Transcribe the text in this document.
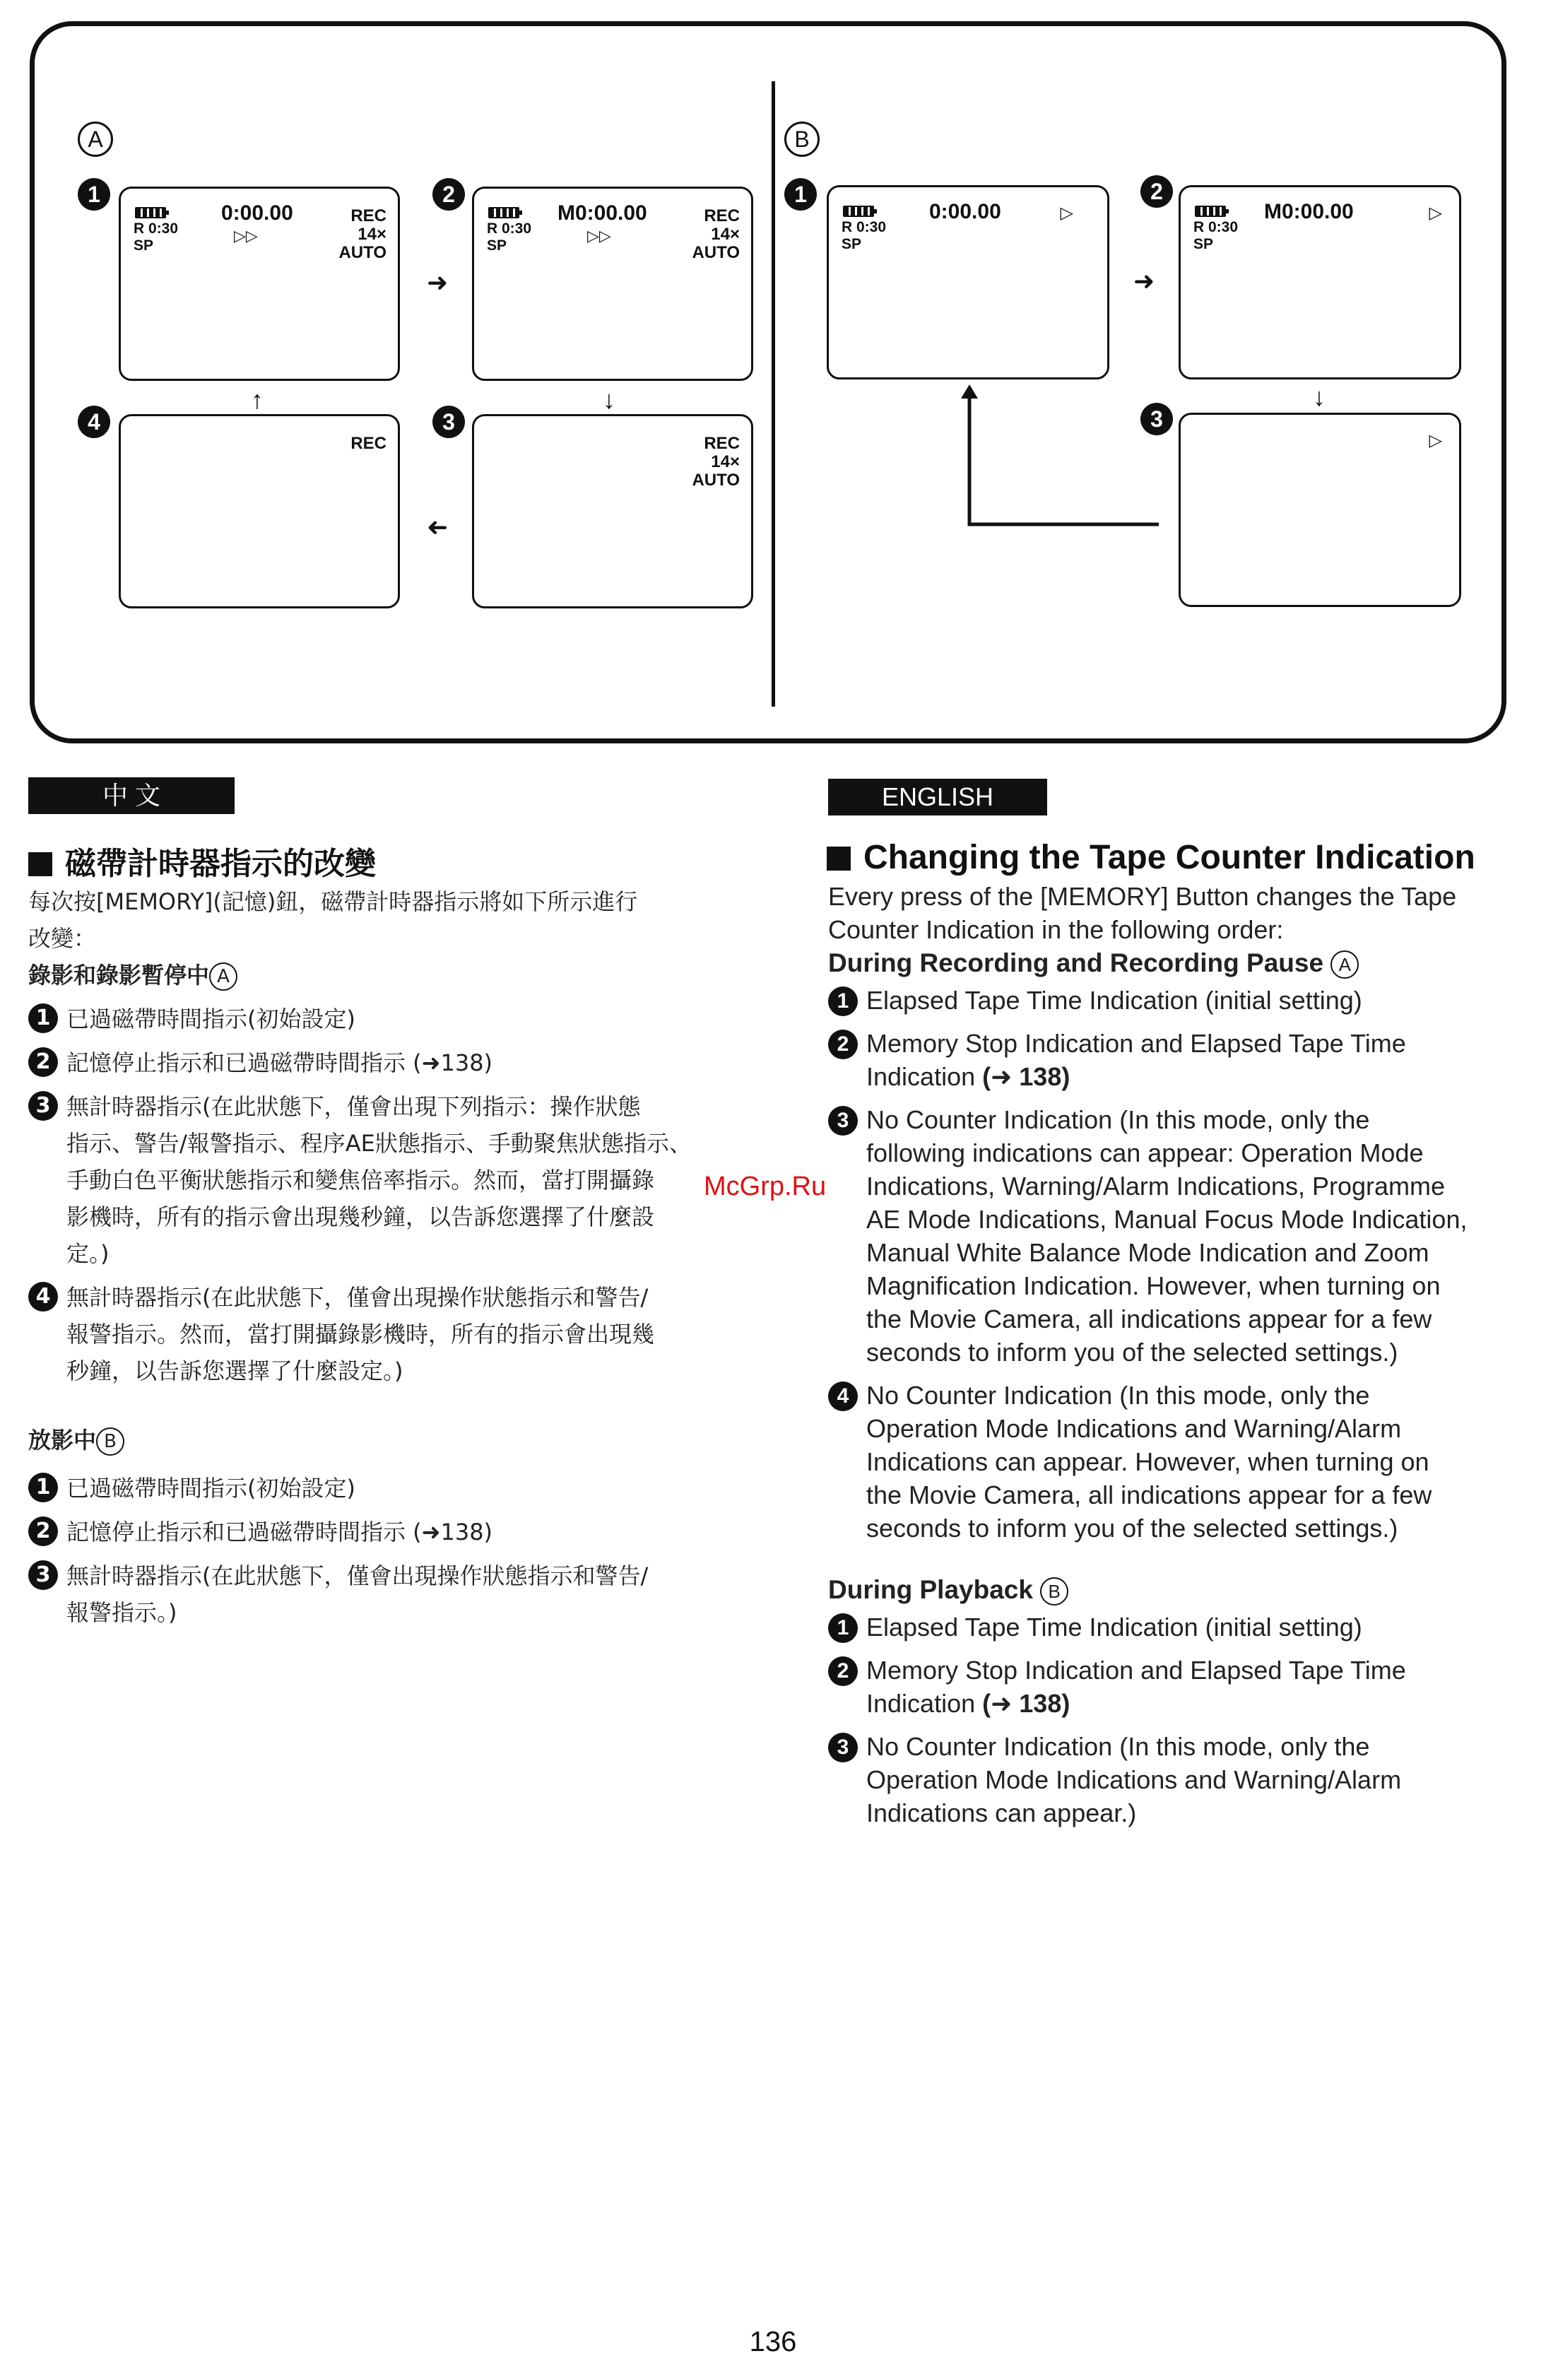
A	B
1
R 0:30
SP
0:00.00
▷▷
REC
14×
AUTO
2
R 0:30
SP
M0:00.00
▷▷
REC
14×
AUTO
4
REC
3
REC
14×
AUTO
➜
↓
➜
↑
1
R 0:30
SP
0:00.00	▷
2
R 0:30
SP
M0:00.00	▷
3
▷
➜
↓
中 文
磁帶計時器指示的改變
每次按[MEMORY](記憶)鈕，磁帶計時器指示將如下所示進行
改變：
錄影和錄影暫停中 A
1 已過磁帶時間指示(初始設定)
2 記憶停止指示和已過磁帶時間指示 (➜138)
3 無計時器指示(在此狀態下，僅會出現下列指示：操作狀態
指示、警告/報警指示、程序AE狀態指示、手動聚焦狀態指示、
手動白色平衡狀態指示和變焦倍率指示。然而，當打開攝錄
影機時，所有的指示會出現幾秒鐘，以告訴您選擇了什麼設
定。)
4 無計時器指示(在此狀態下，僅會出現操作狀態指示和警告/
報警指示。然而，當打開攝錄影機時，所有的指示會出現幾
秒鐘，以告訴您選擇了什麼設定。)
放影中 B
1 已過磁帶時間指示(初始設定)
2 記憶停止指示和已過磁帶時間指示 (➜138)
3 無計時器指示(在此狀態下，僅會出現操作狀態指示和警告/
報警指示。)
McGrp.Ru
ENGLISH
Changing the Tape Counter Indication
Every press of the [MEMORY] Button changes the Tape
Counter Indication in the following order:
During Recording and Recording Pause A
1 Elapsed Tape Time Indication (initial setting)
2 Memory Stop Indication and Elapsed Tape Time
Indication (➜ 138)
3 No Counter Indication (In this mode, only the
following indications can appear: Operation Mode
Indications, Warning/Alarm Indications, Programme
AE Mode Indications, Manual Focus Mode Indication,
Manual White Balance Mode Indication and Zoom
Magnification Indication. However, when turning on
the Movie Camera, all indications appear for a few
seconds to inform you of the selected settings.)
4 No Counter Indication (In this mode, only the
Operation Mode Indications and Warning/Alarm
Indications can appear. However, when turning on
the Movie Camera, all indications appear for a few
seconds to inform you of the selected settings.)
During Playback B
1 Elapsed Tape Time Indication (initial setting)
2 Memory Stop Indication and Elapsed Tape Time
Indication (➜ 138)
3 No Counter Indication (In this mode, only the
Operation Mode Indications and Warning/Alarm
Indications can appear.)
136
